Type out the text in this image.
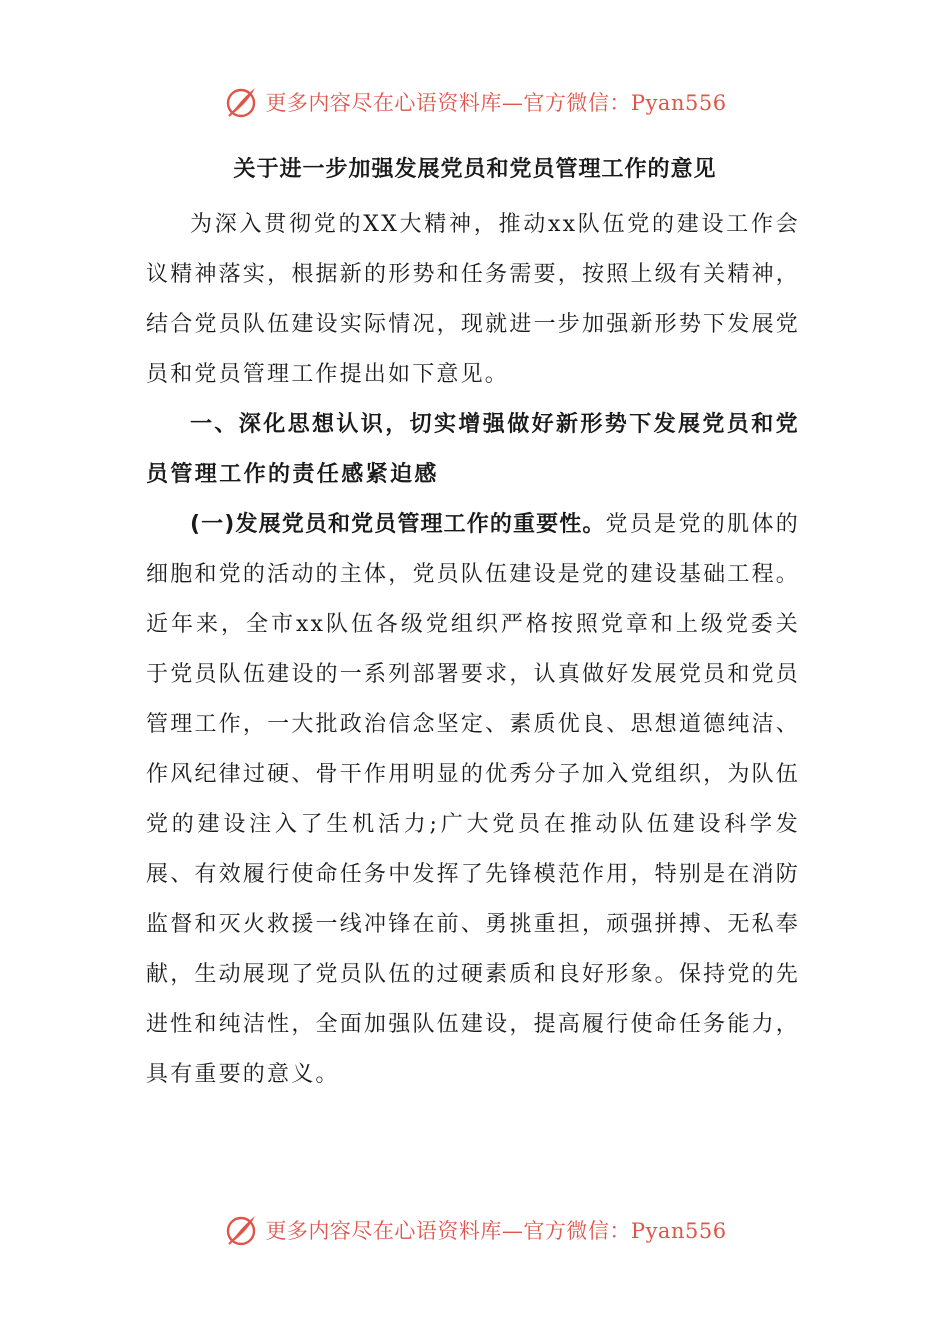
更多内容尽在心语资料库—官方微信：Pyan556
关于进一步加强发展党员和党员管理工作的意见

为深入贯彻党的XX大精神，推动xx队伍党的建设工作会议精神落实，根据新的形势和任务需要，按照上级有关精神，结合党员队伍建设实际情况，现就进一步加强新形势下发展党员和党员管理工作提出如下意见。

一、深化思想认识，切实增强做好新形势下发展党员和党员管理工作的责任感紧迫感

(一)发展党员和党员管理工作的重要性。党员是党的肌体的细胞和党的活动的主体，党员队伍建设是党的建设基础工程。近年来，全市xx队伍各级党组织严格按照党章和上级党委关于党员队伍建设的一系列部署要求，认真做好发展党员和党员管理工作，一大批政治信念坚定、素质优良、思想道德纯洁、作风纪律过硬、骨干作用明显的优秀分子加入党组织，为队伍党的建设注入了生机活力;广大党员在推动队伍建设科学发展、有效履行使命任务中发挥了先锋模范作用，特别是在消防监督和灭火救援一线冲锋在前、勇挑重担，顽强拼搏、无私奉献，生动展现了党员队伍的过硬素质和良好形象。保持党的先进性和纯洁性，全面加强队伍建设，提高履行使命任务能力，具有重要的意义。

更多内容尽在心语资料库—官方微信：Pyan556
